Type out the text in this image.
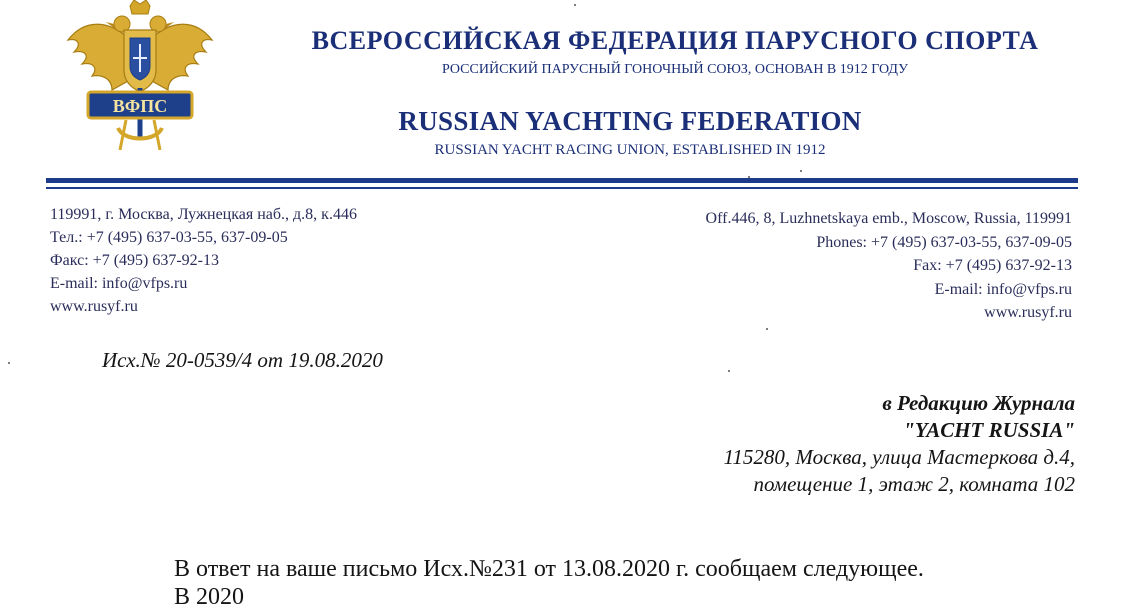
ВФПС
ВСЕРОССИЙСКАЯ ФЕДЕРАЦИЯ ПАРУСНОГО СПОРТА
РОССИЙСКИЙ ПАРУСНЫЙ ГОНОЧНЫЙ СОЮЗ, ОСНОВАН В 1912 ГОДУ
RUSSIAN YACHTING FEDERATION
RUSSIAN YACHT RACING UNION, ESTABLISHED IN 1912
119991, г. Москва, Лужнецкая наб., д.8, к.446
Тел.: +7 (495) 637-03-55, 637-09-05
Факс: +7 (495) 637-92-13
E-mail: info@vfps.ru
www.rusyf.ru
Off.446, 8, Luzhnetskaya emb., Moscow, Russia, 119991
Phones: +7 (495) 637-03-55, 637-09-05
Fax: +7 (495) 637-92-13
E-mail: info@vfps.ru
www.rusyf.ru
Исх.№ 20-0539/4 от 19.08.2020
в Редакцию Журнала
"YACHT RUSSIA"
115280, Москва, улица Мастеркова д.4,
помещение 1, этаж 2, комната 102
В ответ на ваше письмо Исх.№231 от 13.08.2020 г. сообщаем следующее.
В 2020
